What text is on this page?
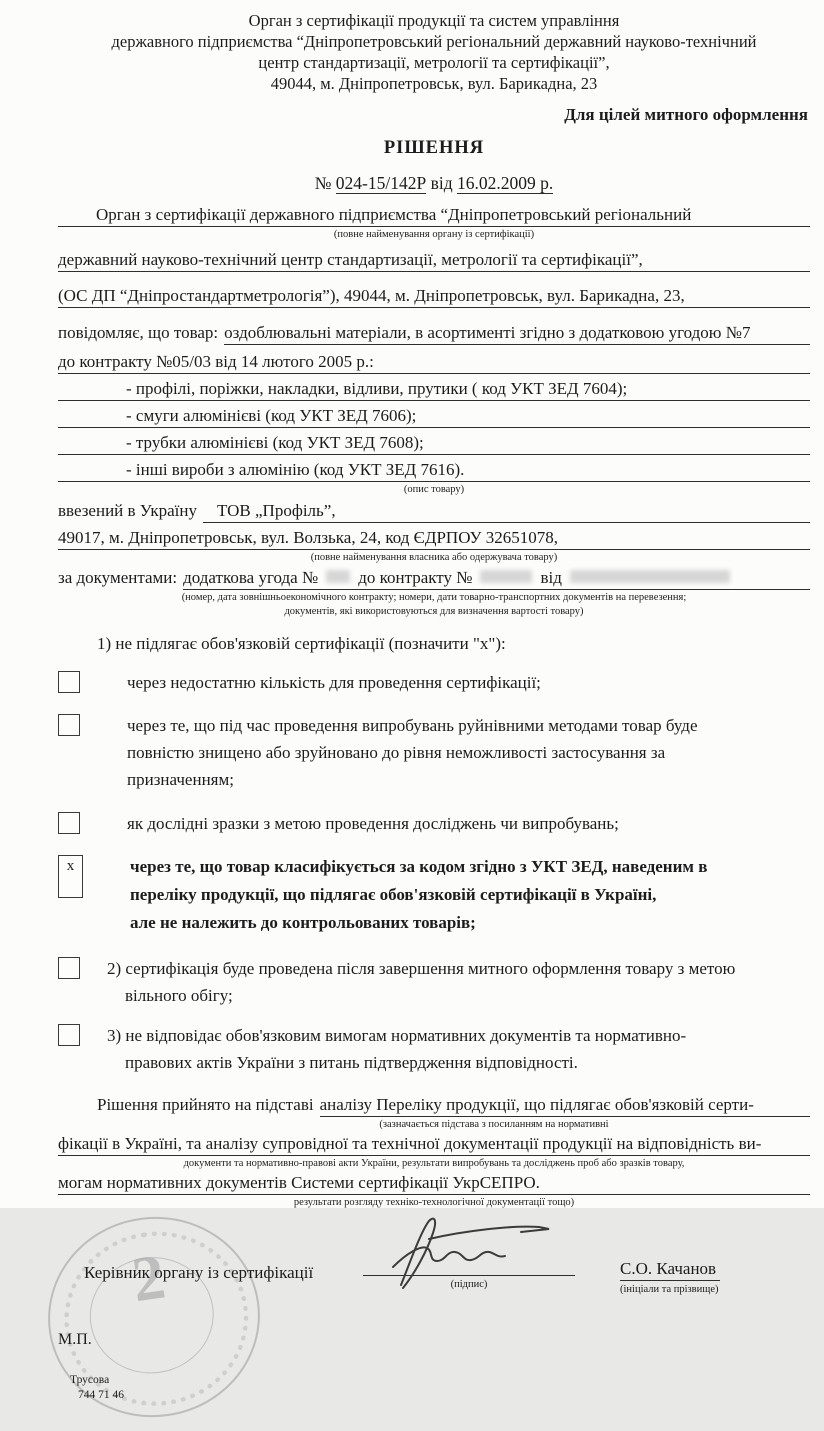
Орган з сертифікації продукції та систем управління
державного підприємства “Дніпропетровський регіональний державний науково-технічний
центр стандартизації, метрології та сертифікації”,
49044, м. Дніпропетровськ, вул. Барикадна, 23
Для цілей митного оформлення
РІШЕННЯ
№ 024-15/142Р від 16.02.2009 р.
Орган з сертифікації державного підприємства “Дніпропетровський регіональний
(повне найменування органу із сертифікації)
державний науково-технічний центр стандартизації, метрології та сертифікації”,
(ОС ДП “Дніпростандартметрологія”), 49044, м. Дніпропетровськ, вул. Барикадна, 23,
повідомляє, що товар: оздоблювальні матеріали, в асортименті згідно з додатковою угодою №7
до контракту №05/03 від 14 лютого 2005 р.:
- профілі, поріжки, накладки, відливи, прутики ( код УКТ ЗЕД 7604);
- смуги алюмінієві (код УКТ ЗЕД 7606);
- трубки алюмінієві (код УКТ ЗЕД 7608);
- інші вироби з алюмінію (код УКТ ЗЕД 7616).
(опис товару)
ввезений в Україну	ТОВ „Профіль”,
49017, м. Дніпропетровськ, вул. Волзька, 24, код ЄДРПОУ 32651078,
(повне найменування власника або одержувача товару)
за документами: додаткова угода № до контракту №	від
(номер, дата зовнішньоекономічного контракту; номери, дати товарно-транспортних документів на перевезення;
документів, які використовуються для визначення вартості товару)
1) не підлягає обов'язковій сертифікації (позначити "х"):
через недостатню кількість для проведення сертифікації;
через те, що під час проведення випробувань руйнівними методами товар буде
повністю знищено або зруйновано до рівня неможливості застосування за
призначенням;
як дослідні зразки з метою проведення досліджень чи випробувань;
х	через те, що товар класифікується за кодом згідно з УКТ ЗЕД, наведеним в
переліку продукції, що підлягає обов'язковій сертифікації в Україні,
але не належить до контрольованих товарів;
2) сертифікація буде проведена після завершення митного оформлення товару з метою
вільного обігу;
3) не відповідає обов'язковим вимогам нормативних документів та нормативно-
правових актів України з питань підтвердження відповідності.
Рішення прийнято на підставі аналізу Переліку продукції, що підлягає обов'язковій серти-
(зазначається підстава з посиланням на нормативні
фікації в Україні, та аналізу супровідної та технічної документації продукції на відповідність ви-
документи та нормативно-правові акти України, результати випробувань та досліджень проб або зразків товару,
могам нормативних документів Системи сертифікації УкрСЕПРО.
результати розгляду техніко-технологічної документації тощо)
2
Керівник органу із сертифікації
(підпис)
С.О. Качанов
(ініціали та прізвище)
М.П.
Трусова
744 71 46
